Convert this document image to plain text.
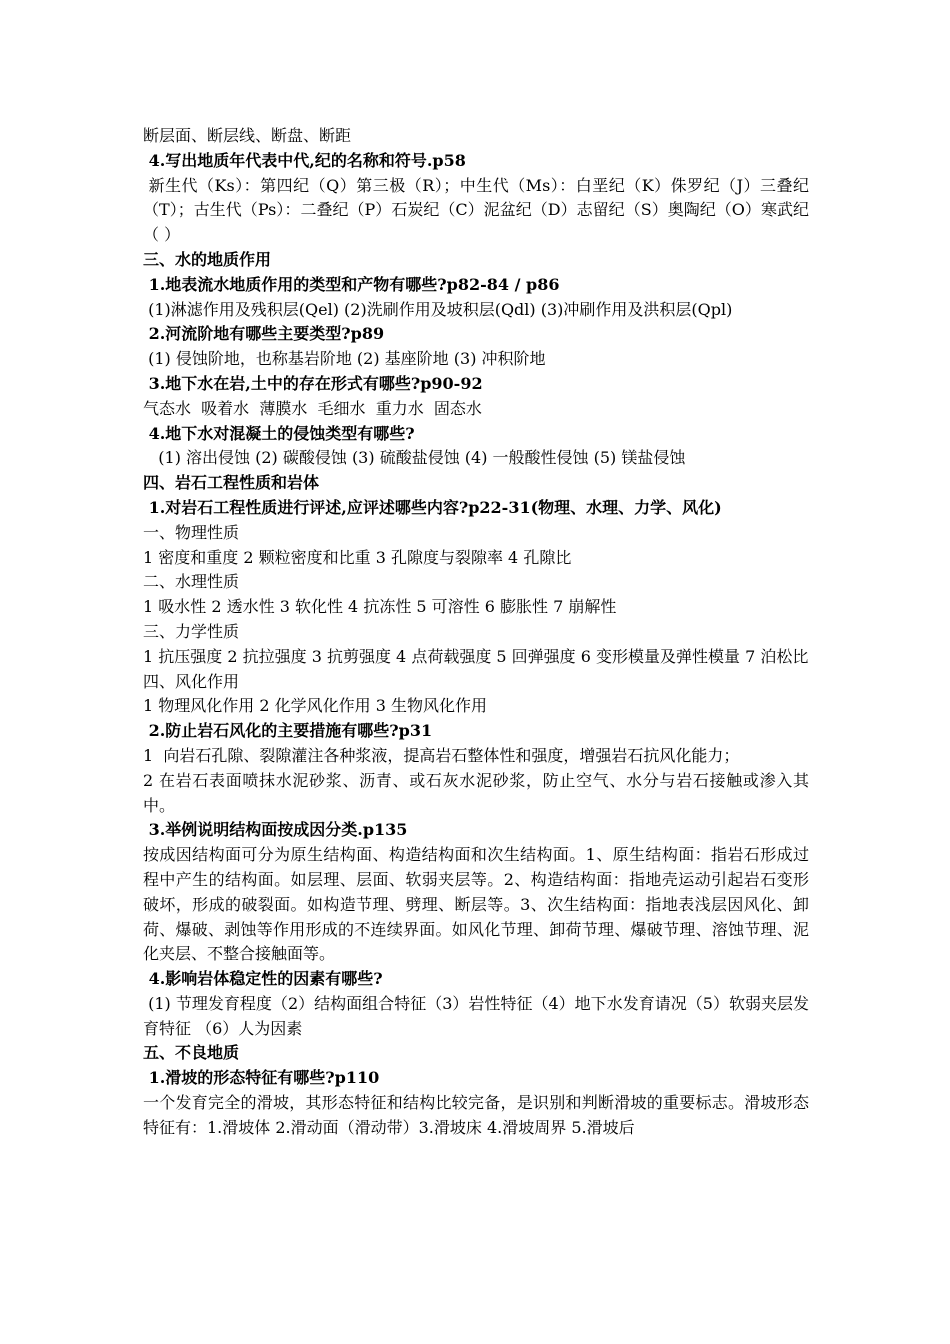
断层面、断层线、断盘、断距
4.写出地质年代表中代,纪的名称和符号.p58
新生代（Ks）：第四纪（Q）第三极（R）；中生代（Ms）：白垩纪（K）侏罗纪（J）三叠纪（T）；古生代（Ps）：二叠纪（P）石炭纪（C）泥盆纪（D）志留纪（S）奥陶纪（O）寒武纪（ ）
三、水的地质作用
1.地表流水地质作用的类型和产物有哪些?p82-84 / p86
(1)淋滤作用及残积层(Qel) (2)洗刷作用及坡积层(Qdl) (3)冲刷作用及洪积层(Qpl)
2.河流阶地有哪些主要类型?p89
(1) 侵蚀阶地，也称基岩阶地 (2) 基座阶地 (3) 冲积阶地
3.地下水在岩,土中的存在形式有哪些?p90-92
气态水  吸着水  薄膜水  毛细水  重力水  固态水
4.地下水对混凝土的侵蚀类型有哪些?
(1) 溶出侵蚀 (2) 碳酸侵蚀 (3) 硫酸盐侵蚀 (4) 一般酸性侵蚀 (5) 镁盐侵蚀
四、岩石工程性质和岩体
1.对岩石工程性质进行评述,应评述哪些内容?p22-31(物理、水理、力学、风化)
一、物理性质
1 密度和重度 2 颗粒密度和比重 3 孔隙度与裂隙率 4 孔隙比
二、水理性质
1 吸水性 2 透水性 3 软化性 4 抗冻性 5 可溶性 6 膨胀性 7 崩解性
三、力学性质
1 抗压强度 2 抗拉强度 3 抗剪强度 4 点荷载强度 5 回弹强度 6 变形模量及弹性模量 7 泊松比
四、风化作用
1 物理风化作用 2 化学风化作用 3 生物风化作用
2.防止岩石风化的主要措施有哪些?p31
1  向岩石孔隙、裂隙灌注各种浆液，提高岩石整体性和强度，增强岩石抗风化能力；
2 在岩石表面喷抹水泥砂浆、沥青、或石灰水泥砂浆，防止空气、水分与岩石接触或渗入其中。
3.举例说明结构面按成因分类.p135
按成因结构面可分为原生结构面、构造结构面和次生结构面。1、原生结构面：指岩石形成过程中产生的结构面。如层理、层面、软弱夹层等。2、构造结构面：指地壳运动引起岩石变形破坏，形成的破裂面。如构造节理、劈理、断层等。3、次生结构面：指地表浅层因风化、卸荷、爆破、剥蚀等作用形成的不连续界面。如风化节理、卸荷节理、爆破节理、溶蚀节理、泥化夹层、不整合接触面等。
4.影响岩体稳定性的因素有哪些?
(1) 节理发育程度（2）结构面组合特征（3）岩性特征（4）地下水发育请况（5）软弱夹层发育特征 （6）人为因素
五、不良地质
1.滑坡的形态特征有哪些?p110
一个发育完全的滑坡，其形态特征和结构比较完备，是识别和判断滑坡的重要标志。滑坡形态特征有：1.滑坡体 2.滑动面（滑动带）3.滑坡床 4.滑坡周界 5.滑坡后
